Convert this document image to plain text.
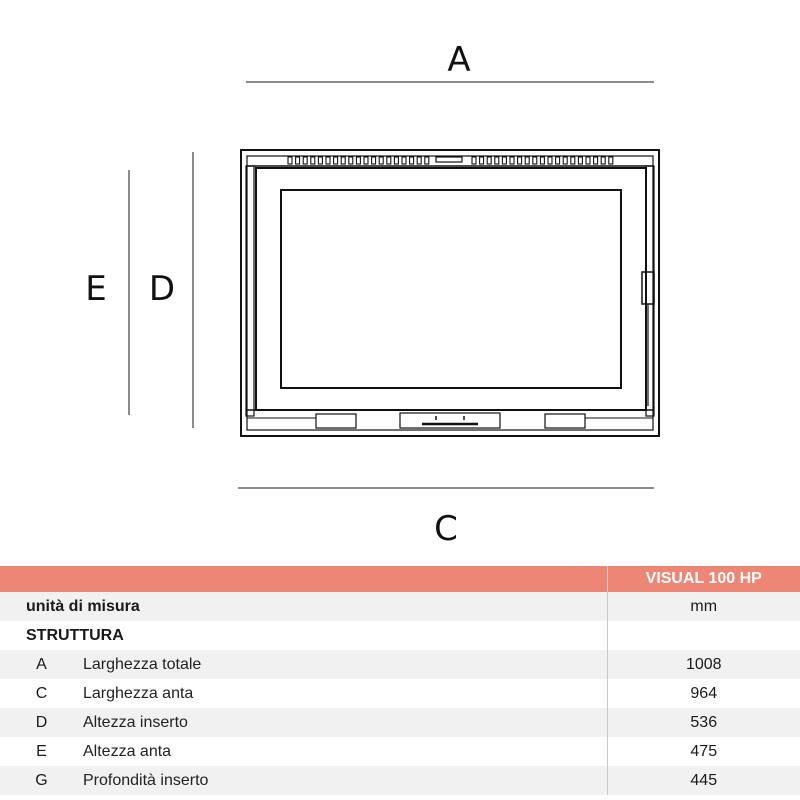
A
C
E D
		VISUAL 100 HP
unità di misura		mm
STRUTTURA		
A	Larghezza totale	1008
C	Larghezza anta	964
D	Altezza inserto	536
E	Altezza anta	475
G	Profondità inserto	445
